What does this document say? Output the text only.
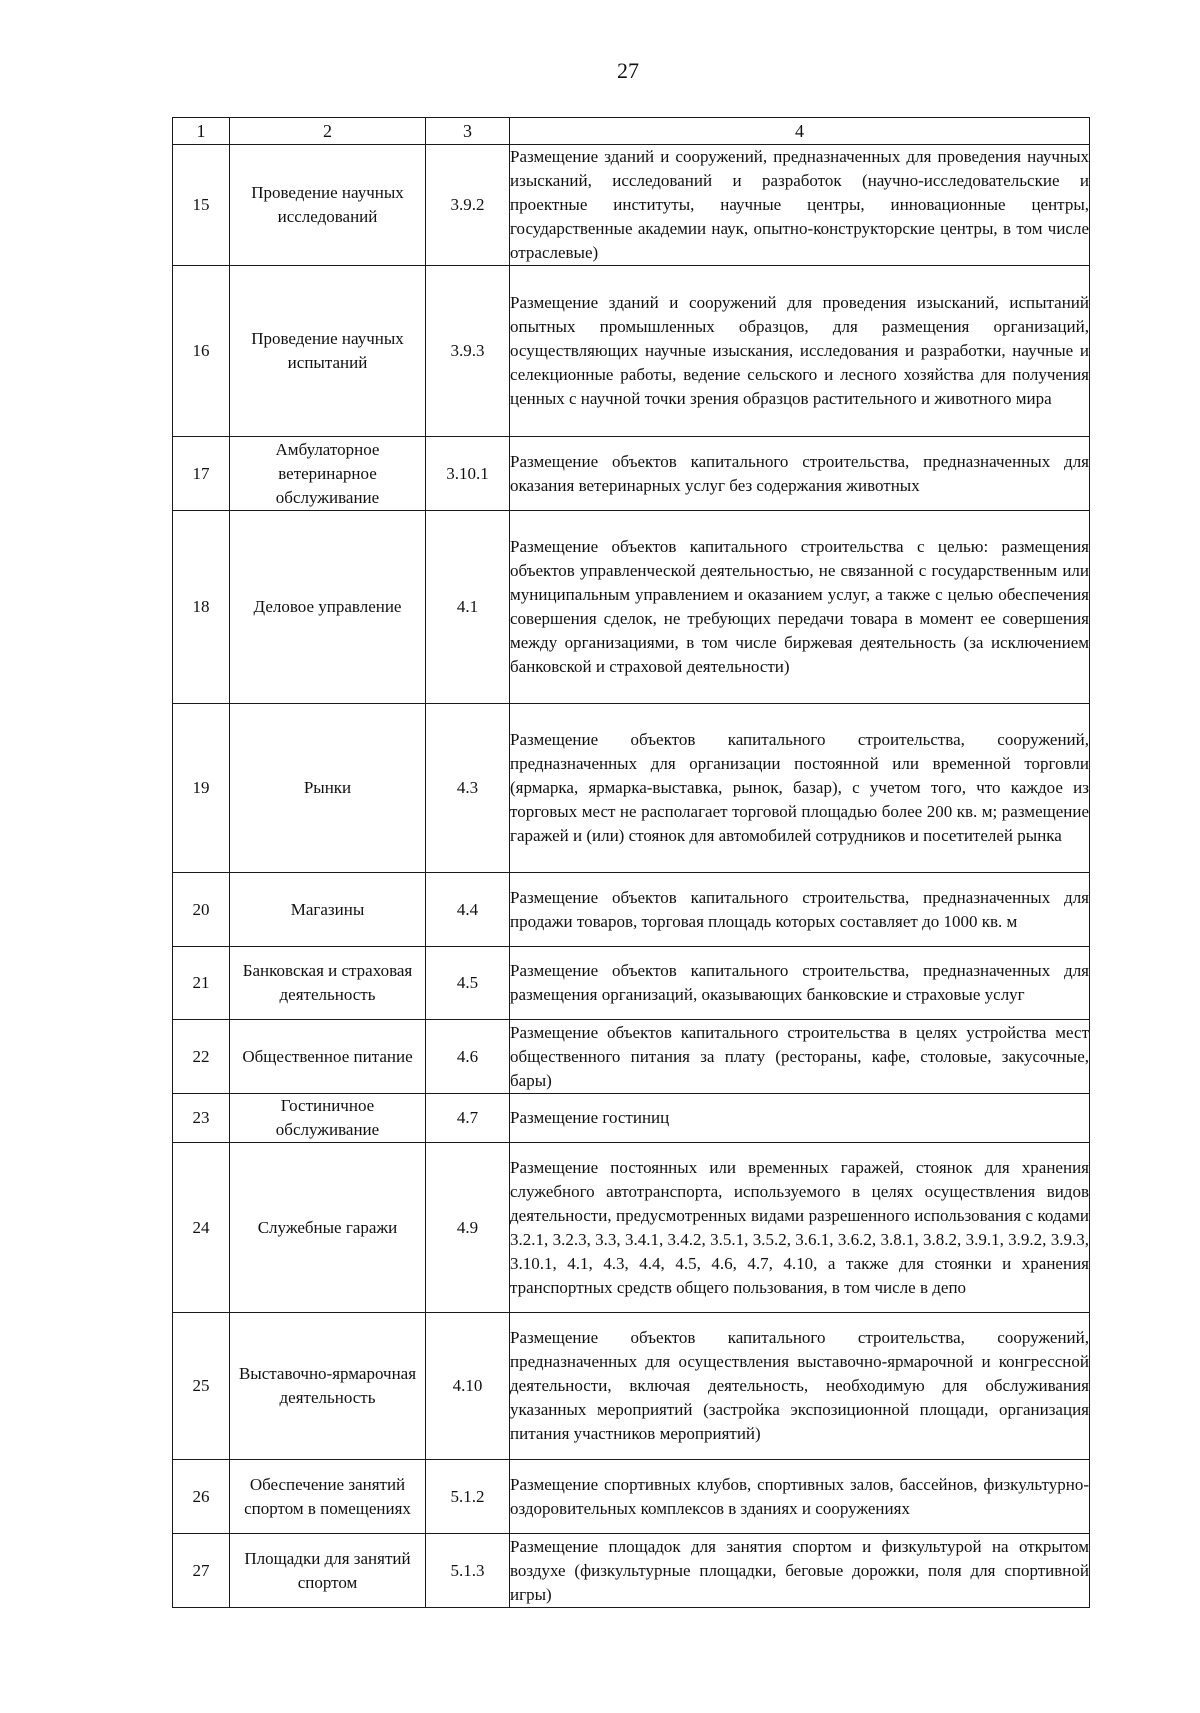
27
1	2	3	4
15	Проведение научных исследований	3.9.2	Размещение зданий и сооружений, предназначенных для проведения научных изысканий, исследований и разработок (научно-исследовательские и проектные институты, научные центры, инновационные центры, государственные академии наук, опытно-конструкторские центры, в том числе отраслевые)
16	Проведение научных испытаний	3.9.3	Размещение зданий и сооружений для проведения изысканий, испытаний опытных промышленных образцов, для размещения организаций, осуществляющих научные изыскания, исследования и разработки, научные и селекционные работы, ведение сельского и лесного хозяйства для получения ценных с научной точки зрения образцов растительного и животного мира
17	Амбулаторное ветеринарное обслуживание	3.10.1	Размещение объектов капитального строительства, предназначенных для оказания ветеринарных услуг без содержания животных
18	Деловое управление	4.1	Размещение объектов капитального строительства с целью: размещения объектов управленческой деятельностью, не связанной с государственным или муниципальным управлением и оказанием услуг, а также с целью обеспечения совершения сделок, не требующих передачи товара в момент ее совершения между организациями, в том числе биржевая деятельность (за исключением банковской и страховой деятельности)
19	Рынки	4.3	Размещение объектов капитального строительства, сооружений, предназначенных для организации постоянной или временной торговли (ярмарка, ярмарка-выставка, рынок, базар), с учетом того, что каждое из торговых мест не располагает торговой площадью более 200 кв. м; размещение гаражей и (или) стоянок для автомобилей сотрудников и посетителей рынка
20	Магазины	4.4	Размещение объектов капитального строительства, предназначенных для продажи товаров, торговая площадь которых составляет до 1000 кв. м
21	Банковская и страховая деятельность	4.5	Размещение объектов капитального строительства, предназначенных для размещения организаций, оказывающих банковские и страховые услуг
22	Общественное питание	4.6	Размещение объектов капитального строительства в целях устройства мест общественного питания за плату (рестораны, кафе, столовые, закусочные, бары)
23	Гостиничное обслуживание	4.7	Размещение гостиниц
24	Служебные гаражи	4.9	Размещение постоянных или временных гаражей, стоянок для хранения служебного автотранспорта, используемого в целях осуществления видов деятельности, предусмотренных видами разрешенного использования с кодами 3.2.1, 3.2.3, 3.3, 3.4.1, 3.4.2, 3.5.1, 3.5.2, 3.6.1, 3.6.2, 3.8.1, 3.8.2, 3.9.1, 3.9.2, 3.9.3, 3.10.1, 4.1, 4.3, 4.4, 4.5, 4.6, 4.7, 4.10, а также для стоянки и хранения транспортных средств общего пользования, в том числе в депо
25	Выставочно-ярмарочная деятельность	4.10	Размещение объектов капитального строительства, сооружений, предназначенных для осуществления выставочно-ярмарочной и конгрессной деятельности, включая деятельность, необходимую для обслуживания указанных мероприятий (застройка экспозиционной площади, организация питания участников мероприятий)
26	Обеспечение занятий спортом в помещениях	5.1.2	Размещение спортивных клубов, спортивных залов, бассейнов, физкультурно-оздоровительных комплексов в зданиях и сооружениях
27	Площадки для занятий спортом	5.1.3	Размещение площадок для занятия спортом и физкультурой на открытом воздухе (физкультурные площадки, беговые дорожки, поля для спортивной игры)
